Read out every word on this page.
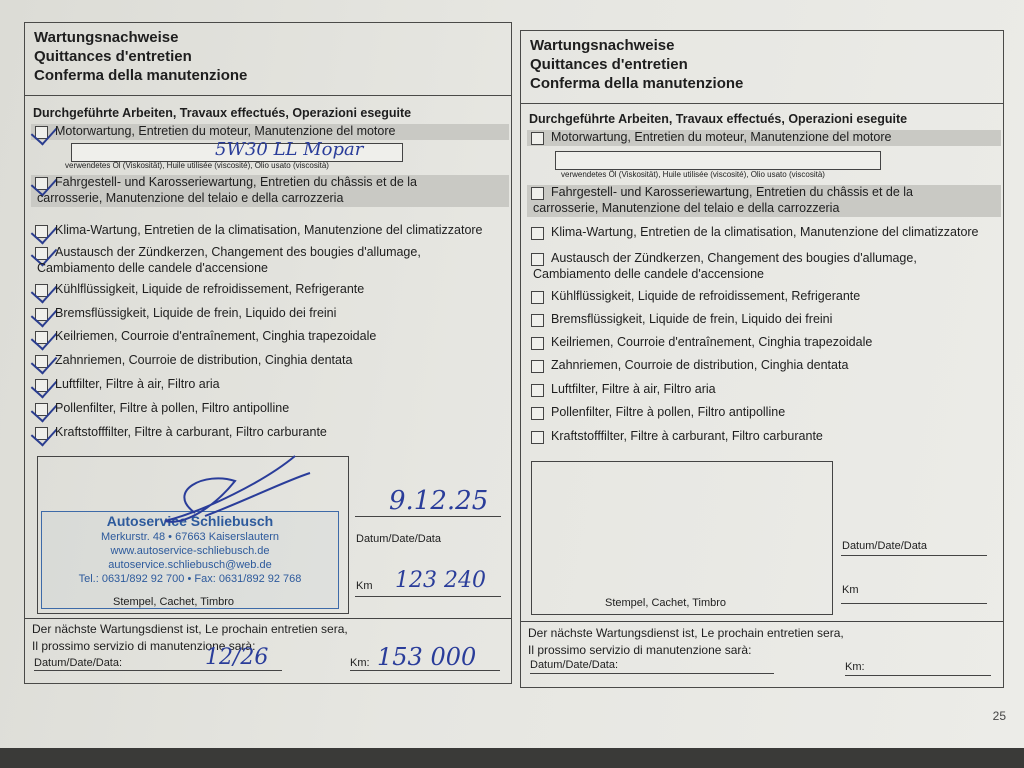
Wartungsnachweise
Quittances d'entretien
Conferma della manutenzione
Durchgeführte Arbeiten, Travaux effectués, Operazioni eseguite
Motorwartung, Entretien du moteur, Manutenzione del motore
Fahrgestell- und Karosseriewartung, Entretien du châssis et de la
carrosserie, Manutenzione del telaio e della carrozzeria
Klima-Wartung, Entretien de la climatisation, Manutenzione del climatizzatore
Austausch der Zündkerzen, Changement des bougies d'allumage,
Cambiamento delle candele d'accensione
Kühlflüssigkeit, Liquide de refroidissement, Refrigerante
Bremsflüssigkeit, Liquide de frein, Liquido dei freini
Keilriemen, Courroie d'entraînement, Cinghia trapezoidale
Zahnriemen, Courroie de distribution, Cinghia dentata
Luftfilter, Filtre à air, Filtro aria
Pollenfilter, Filtre à pollen, Filtro antipolline
Kraftstofffilter, Filtre à carburant, Filtro carburante
verwendetes Öl (Viskosität), Huile utilisée (viscosité), Olio usato (viscosità)
5W30 LL Mopar
Autoservice Schliebusch
Merkurstr. 48 • 67663 Kaiserslautern
www.autoservice-schliebusch.de
autoservice.schliebusch@web.de
Tel.: 0631/892 92 700 • Fax: 0631/892 92 768
Stempel, Cachet, Timbro
9.12.25
Datum/Date/Data
123 240
Km
Der nächste Wartungsdienst ist, Le prochain entretien sera,
Il prossimo servizio di manutenzione sarà:
Datum/Date/Data:	12/26	Km: 153 000
Wartungsnachweise
Quittances d'entretien
Conferma della manutenzione
Durchgeführte Arbeiten, Travaux effectués, Operazioni eseguite
Motorwartung, Entretien du moteur, Manutenzione del motore
Fahrgestell- und Karosseriewartung, Entretien du châssis et de la
carrosserie, Manutenzione del telaio e della carrozzeria
Klima-Wartung, Entretien de la climatisation, Manutenzione del climatizzatore
Austausch der Zündkerzen, Changement des bougies d'allumage,
Cambiamento delle candele d'accensione
Kühlflüssigkeit, Liquide de refroidissement, Refrigerante
Bremsflüssigkeit, Liquide de frein, Liquido dei freini
Keilriemen, Courroie d'entraînement, Cinghia trapezoidale
Zahnriemen, Courroie de distribution, Cinghia dentata
Luftfilter, Filtre à air, Filtro aria
Pollenfilter, Filtre à pollen, Filtro antipolline
Kraftstofffilter, Filtre à carburant, Filtro carburante
verwendetes Öl (Viskosität), Huile utilisée (viscosité), Olio usato (viscosità)
Stempel, Cachet, Timbro
Datum/Date/Data
Km
Der nächste Wartungsdienst ist, Le prochain entretien sera,
Il prossimo servizio di manutenzione sarà:
Datum/Date/Data:	Km:
25
